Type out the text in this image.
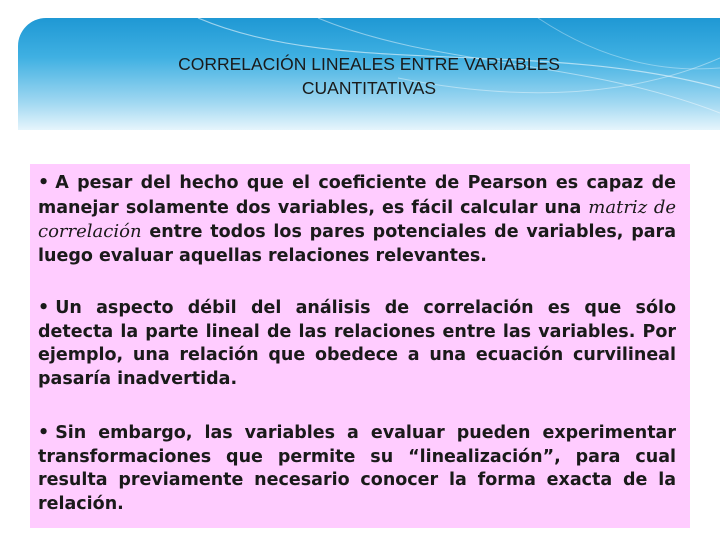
CORRELACIÓN LINEALES ENTRE VARIABLES
CUANTITATIVAS
• A pesar del hecho que el coeficiente de Pearson es capaz de manejar solamente dos variables, es fácil calcular una matriz de correlación entre todos los pares potenciales de variables, para luego evaluar aquellas relaciones relevantes.
• Un aspecto débil del análisis de correlación es que sólo detecta la parte lineal de las relaciones entre las variables. Por ejemplo, una relación que obedece a una ecuación curvilineal pasaría inadvertida.
• Sin embargo, las variables a evaluar pueden experimentar transformaciones que permite su “linealización”, para cual resulta previamente necesario conocer la forma exacta de la relación.
